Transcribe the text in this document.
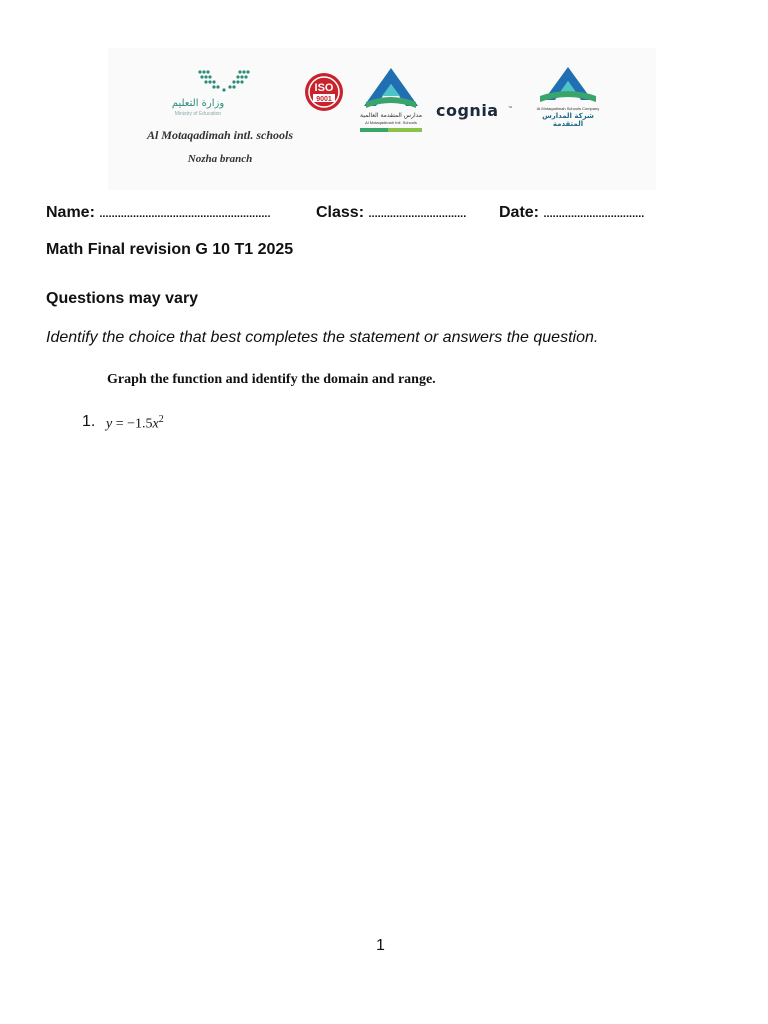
وزارة التعليم
Ministry of Education
Al Motaqadimah intl. schools
Nozha branch
ISO
9001
مدارس المتقدمة العالمية
Al Motaqadimah Intl. Schools
cognia ™	Al Motaqadimah Schools Company
شركة المدارس المتقدمة
Name: ........................................................	Class: ................................ Date: .................................
Math Final revision G 10 T1 2025
Questions may vary
Identify the choice that best completes the statement or answers the question.
Graph the function and identify the domain and range.
1. $y = -1.5x^2$
1
